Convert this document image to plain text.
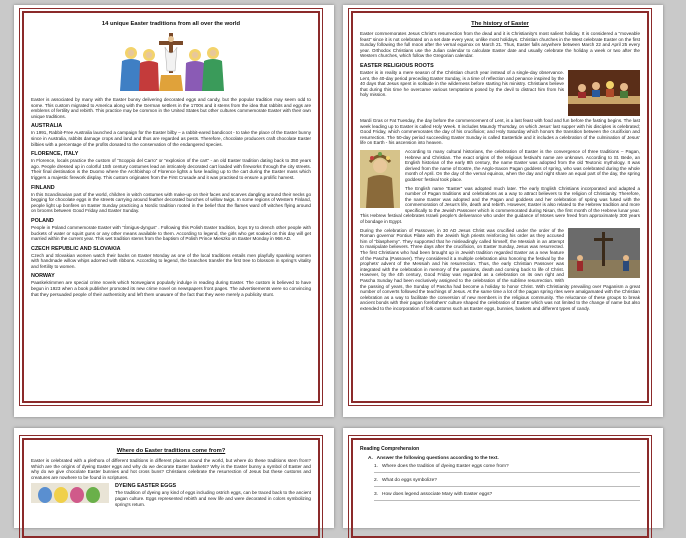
14 unique Easter traditions from all over the world

Easter is associated by many with the Easter bunny delivering decorated eggs and candy, but the popular tradition may seem odd to some. This custom migrated to America along with the German settlers in the 1700s and it stems from the idea that rabbits and eggs are emblems of fertility and rebirth. This practice may be common in the United States but other cultures commemorate Easter with their own unique traditions.

AUSTRALIA

In 1991, Rabbit-Free Australia launched a campaign for the Easter bilby – a rabbit-eared bandicoot - to take the place of the Easter bunny since in Australia, rabbits damage crops and land and thus are regarded as pests. Therefore, chocolate producers craft chocolate Easter bilbies with a percentage of the profits donated to the conservation of the endangered species.

FLORENCE, ITALY

In Florence, locals practice the custom of “Scoppio del Carro” or “explosion of the cart” - an old Easter tradition dating back to 350 years ago. People dressed up in colorful 15th century costumes lead an intricately decorated cart loaded with fireworks through the city streets. Their final destination is the Duomo where the Archbishop of Florence lights a fuse leading up to the cart during the Easter mass which triggers a majestic firework display. This custom originates from the First Crusade and it was practised to ensure a prolific harvest.

FINLAND

In this Scandinavian part of the world, children in witch costumes with make-up on their faces and scarves dangling around their necks go begging for chocolate eggs in the streets carrying around feather decorated bunches of willow twigs. In some regions of Western Finland, people light up bonfires on Easter Sunday practicing a Nordic tradition rooted in the belief that the flames ward off witches flying around on brooms between Good Friday and Easter Sunday.

POLAND

People in Poland commemorate Easter with “Śmigus-dyngus” . Following this Polish Easter tradition, boys try to drench other people with buckets of water or squirt guns or any other means available to them. According to legend, the girls who get soaked on this day will get married within the current year. This wet tradition stems from the baptism of Polish Prince Mieszko on Easter Monday in 966 AD.

CZECH REPUBLIC AND SLOVAKIA

Czech and Slovakian women watch their backs on Easter Monday as one of the local traditions entails men playfully spanking women with handmade willow whips adorned with ribbons. According to legend, the branches transfer the first tree to blossom in spring’s vitality and fertility to women.

NORWAY

Paaskekrimmen are special crime novels which Norwegians popularly indulge in reading during Easter. The custom is believed to have begun in 1923 when a book publisher promoted its new crime novel on newspapers front pages. The advertisements were so convincing that they persuaded people of their authenticity and left them unaware of the fact that they were merely a publicity stunt.

The history of Easter

Easter commemorates Jesus Christ’s resurrection from the dead and it is Christianity’s most salient holiday. It is considered a “moveable feast” since it is not celebrated on a set date every year, unlike most holidays. Christian churches in the West celebrate Easter on the first Sunday following the full moon after the vernal equinox on March 21. Thus, Easter falls anywhere between March 22 and April 25 every year. Orthodox Christians use the Julian calendar to calculate Easter date and usually celebrate the holiday a week or two after the Western churches, which follow the Gregorian calendar.

EASTER RELIGIOUS ROOTS

Easter is in reality a mere season of the Christian church year instead of a single-day observance. Lent, the 40-day period preceding Easter Sunday, is a time of reflection and penance inspired by the 40 days that Jesus spent in solitude in the wilderness before starting his ministry. Christians believe that during this time he overcame various temptations posed by the devil to distract him from his holy mission.

Mardi Gras or Fat Tuesday, the day before the commencement of Lent, is a last feast with food and fun before the fasting begins. The last week leading up to Easter is called Holy Week. It includes Maundy Thursday, on which Jesus’ last supper with his disciples is celebrated; Good Friday, which commemorates the day of his crucifixion; and Holy Saturday which honors the transition between the crucifixion and resurrection. The 50-day period succeeding Easter Sunday is called Eastertide and it includes a celebration of the culmination of Jesus’ life on Earth - his ascension into heaven.

According to many cultural historians, the celebration of Easter is the convergence of three traditions – Pagan, Hebrew and Christian. The exact origins of the religious festival’s name are unknown. According to St. Bede, an English historian of the early 8th century, the name Easter was adopted from the old Teutonic mythology. It was derived from the name of Eostre, the Anglo-Saxon Pagan goddess of spring, who was celebrated during the whole month of April. On the day of the vernal equinox, when the day and night share an equal part of the day, the spring goddess’ festival took place.

The English name “Easter” was adopted much later. The early English Christians incorporated and adapted a number of Pagan traditions and celebrations as a way to attract believers to the religion of Christianity. Therefore, the name Easter was adopted and the Pagan and goddess and her celebration of spring was fused with the commemoration of Jesus’s life, death and rebirth. However, Easter is also related to the Hebrew tradition and more specifically to the Jewish Passover which is commemorated during Nisan, the first month of the Hebrew lunar year. This Hebrew festival celebrates Israeli people’s deliverance who under the guidance of Moses were freed from approximately 300 years of bondage in Egypt.

During the celebration of Passover, in 30 AD Jesus Christ was crucified under the order of the Roman governor Pontius Pilate with the Jewish high priests reinforcing his order as they accused him of “blasphemy”. They supported that he misleadingly called himself, the Messiah in an attempt to manipulate believers. Three days after the crucifixion, on Easter Sunday, Jesus was resurrected. The first Christians who had been brought up in Jewish tradition regarded Easter as a new feature of the Pascha (Passover). They considered it a multiple celebration also honoring the festival by the prophets’ advent of the Messiah and his resurrection. Thus, the early Christian Passover was integrated with the celebration in memory of the passions, death and coming back to life of Christ. However, by the 4th century, Good Friday was regarded as a celebration on its own right and Pascha Sunday had been exclusively assigned to the celebration of the sublime resurrection. With the passing of years, the Sunday of Pascha had become a holiday to honor Christ. With Christianity prevailing over Paganism a great number of converts followed the teachings of Jesus. At the same time a lot of the pagan spring rites were amalgamated with the Christian celebration as a way to facilitate the conversion of new members in the religious community. The reluctance of these groups to break ancient bonds with their pagan forefathers’ culture shaped the celebration of Easter which was not limited to the change of name but also extended to the incorporation of folk customs such as Easter eggs, bunnies, baskets and different types of candy.

Where do Easter traditions come from?

Easter is celebrated with a plethora of different traditions in different places around the world, but where do these traditions stem from? Which are the origins of dyeing Easter eggs and why do we decorate Easter baskets? Why is the Easter bunny a symbol of Easter and why do we give chocolate Easter bunnies and hot cross buns? Christians celebrate the resurrection of Jesus but these customs and creatures are nowhere to be found in scriptures.

DYEING EASTER EGGS

The tradition of dyeing any kind of eggs including ostrich eggs, can be traced back to the ancient pagan culture. Eggs represented rebirth and new life and were decorated in colors symbolizing spring's return.

Reading Comprehension
A. Answer the following questions according to the text.
1. Where does the tradition of dyeing Easter eggs come from?
2. What do eggs symbolize?
3. How does legend associate Mary with Easter eggs?
